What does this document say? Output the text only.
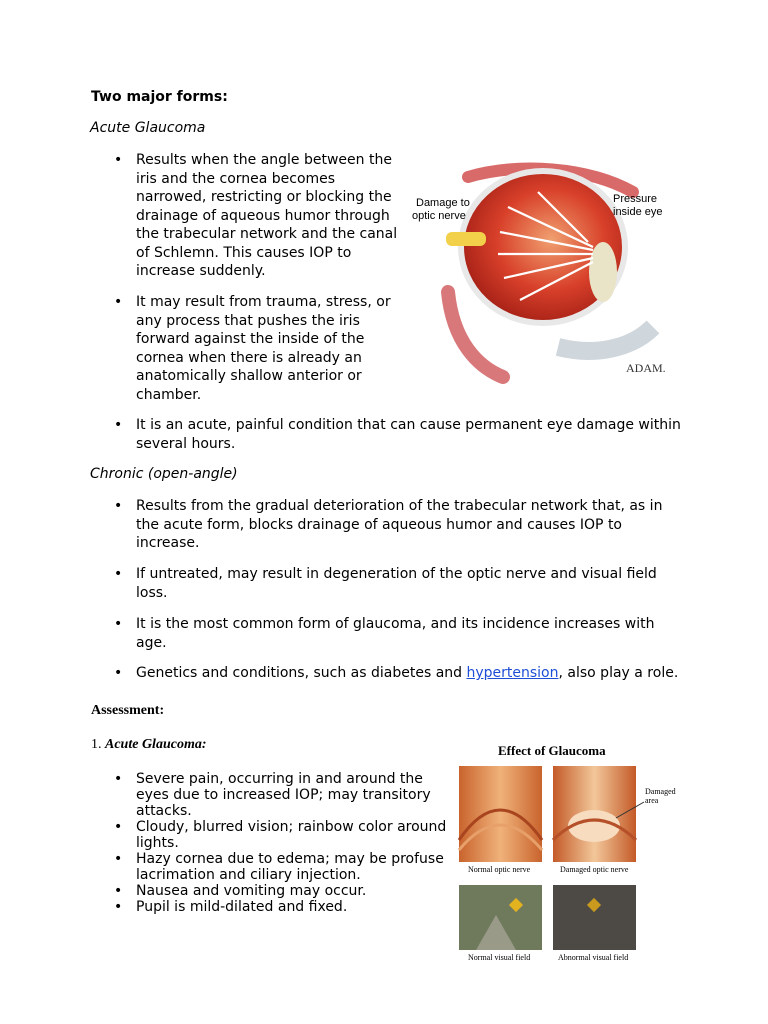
Two major forms:
Acute Glaucoma
• Results when the angle between the iris and the cornea becomes narrowed, restricting or blocking the drainage of aqueous humor through the trabecular network and the canal of Schlemn. This causes IOP to increase suddenly.
• It may result from trauma, stress, or any process that pushes the iris forward against the inside of the cornea when there is already an anatomically shallow anterior or chamber.
• It is an acute, painful condition that can cause permanent eye damage within several hours.
Damage to
optic nerve
Pressure
inside eye
ADAM.
Chronic (open-angle)
• Results from the gradual deterioration of the trabecular network that, as in the acute form, blocks drainage of aqueous humor and causes IOP to increase.
• If untreated, may result in degeneration of the optic nerve and visual field loss.
• It is the most common form of glaucoma, and its incidence increases with age.
• Genetics and conditions, such as diabetes and hypertension, also play a role.
Assessment:
1. Acute Glaucoma:
• Severe pain, occurring in and around the eyes due to increased IOP; may transitory attacks.
• Cloudy, blurred vision; rainbow color around lights.
• Hazy cornea due to edema; may be profuse lacrimation and ciliary injection.
• Nausea and vomiting may occur.
• Pupil is mild-dilated and fixed.
Effect of Glaucoma
Damaged
area
Normal optic nerve	Damaged optic nerve
Normal visual field	Abnormal visual field
